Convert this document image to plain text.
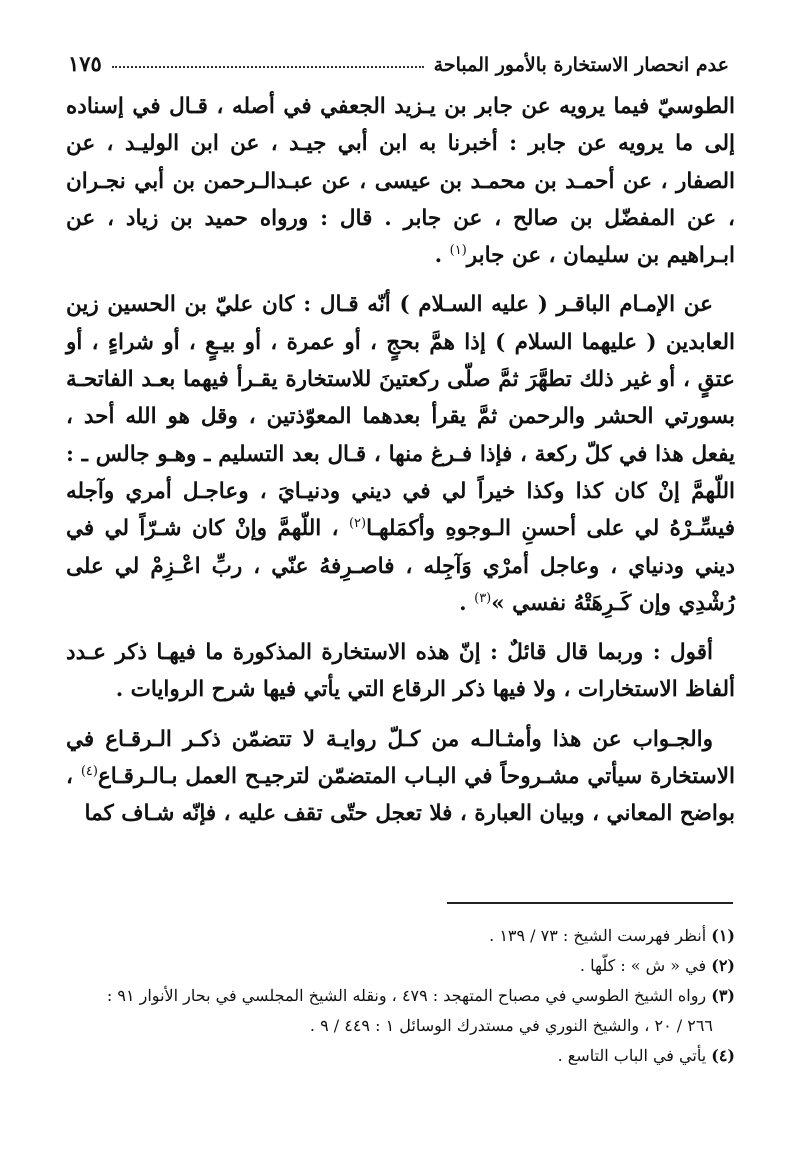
عدم انحصار الاستخارة بالأمور المباحة
١٧٥

الطوسيّ فيما يرويه عن جابر بن يـزيد الجعفي في أصله ، قـال في إسناده إلى ما يرويه عن جابر : أخبرنا به ابن أبي جيـد ، عن ابن الوليـد ، عن الصفار ، عن أحمـد بن محمـد بن عيسى ، عن عبـدالـرحمن بن أبي نجـران ، عن المفضّل بن صالح ، عن جابر . قال : ورواه حميد بن زياد ، عن ابـراهيم بن سليمان ، عن جابر$^{(١)}$ .

عن الإمـام الباقـر ( عليه السـلام ) أنّه قـال : كان عليّ بن الحسين زين العابدين ( عليهما السلام ) إذا همَّ بحجٍ ، أو عمرة ، أو بيـعٍ ، أو شراءٍ ، أو عتقٍ ، أو غير ذلك تطهَّرَ ثمَّ صلّى ركعتينَ للاستخارة يقـرأ فيهما بعـد الفاتحـة بسورتي الحشر والرحمن ثمَّ يقرأ بعدهما المعوّذتين ، وقل هو الله أحد ، يفعل هذا في كلّ ركعة ، فإذا فـرغ منها ، قـال بعد التسليم ـ وهـو جالس ـ : اللّهمَّ إنْ كان كذا وكذا خيراً لي في ديني ودنيـايَ ، وعاجـل أمري وآجله فيسِّـرْهُ لي على أحسنِ الـوجوهِ وأكمَلهـا$^{(٢)}$ ، اللّهمَّ وإنْ كان شـرّاً لي في ديني ودنياي ، وعاجل أمرْي وَآجِله ، فاصـرِفهُ عنّي ، ربِّ اعْـزِمْ لي على رُشْدِي وإن كَـرِهَتْهُ نفسي »$^{(٣)}$ .

أقول : وربما قال قائلٌ : إنّ هذه الاستخارة المذكورة ما فيهـا ذكر عـدد ألفاظ الاستخارات ، ولا فيها ذكر الرقاع التي يأتي فيها شرح الروايات .

والجـواب عن هذا وأمثـالـه من كـلّ روايـة لا تتضمّن ذكـر الـرقـاع في الاستخارة سيأتي مشـروحاً في البـاب المتضمّن لترجيـح العمل بـالـرقـاع$^{(٤)}$ ، بواضح المعاني ، وبيان العبارة ، فلا تعجل حتّى تقف عليه ، فإنّه شـاف كما

(١) أنظر فهرست الشيخ : ٧٣ / ١٣٩ .

(٢) في « ش » : كلّها .

(٣) رواه الشيخ الطوسي في مصباح المتهجد : ٤٧٩ ، ونقله الشيخ المجلسي في بحار الأنوار ٩١ :

٢٦٦ / ٢٠ ، والشيخ النوري في مستدرك الوسائل ١ : ٤٤٩ / ٩ .

(٤) يأتي في الباب التاسع .
